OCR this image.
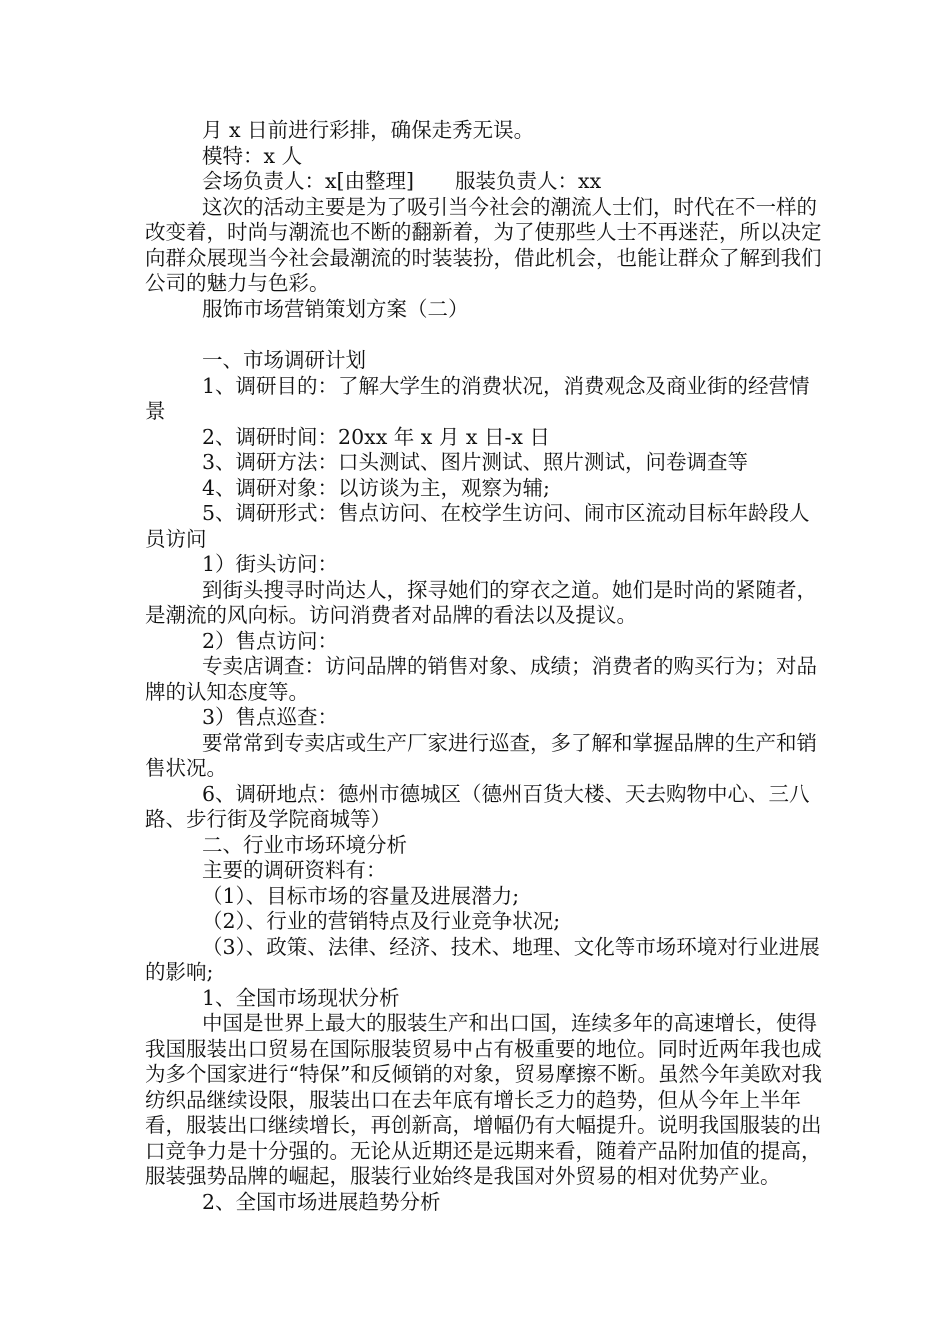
月 x 日前进行彩排，确保走秀无误。

模特：x 人

会场负责人：x[由整理]　　服装负责人：xx

这次的活动主要是为了吸引当今社会的潮流人士们，时代在不一样的改变着，时尚与潮流也不断的翻新着，为了使那些人士不再迷茫，所以决定向群众展现当今社会最潮流的时装装扮，借此机会，也能让群众了解到我们公司的魅力与色彩。

服饰市场营销策划方案（二）

一、市场调研计划

1、调研目的：了解大学生的消费状况，消费观念及商业街的经营情景

2、调研时间：20xx 年 x 月 x 日-x 日

3、调研方法：口头测试、图片测试、照片测试，问卷调查等

4、调研对象：以访谈为主，观察为辅;

5、调研形式：售点访问、在校学生访问、闹市区流动目标年龄段人员访问

1）街头访问：

到街头搜寻时尚达人，探寻她们的穿衣之道。她们是时尚的紧随者，是潮流的风向标。访问消费者对品牌的看法以及提议。

2）售点访问：

专卖店调查：访问品牌的销售对象、成绩；消费者的购买行为；对品牌的认知态度等。

3）售点巡查：

要常常到专卖店或生产厂家进行巡查，多了解和掌握品牌的生产和销售状况。

6、调研地点：德州市德城区（德州百货大楼、天去购物中心、三八路、步行街及学院商城等）

二、行业市场环境分析

主要的调研资料有：

（1）、目标市场的容量及进展潜力;

（2）、行业的营销特点及行业竞争状况;

（3）、政策、法律、经济、技术、地理、文化等市场环境对行业进展的影响;

1、全国市场现状分析

中国是世界上最大的服装生产和出口国，连续多年的高速增长，使得我国服装出口贸易在国际服装贸易中占有极重要的地位。同时近两年我也成为多个国家进行“特保”和反倾销的对象，贸易摩擦不断。虽然今年美欧对我纺织品继续设限，服装出口在去年底有增长乏力的趋势，但从今年上半年看，服装出口继续增长，再创新高，增幅仍有大幅提升。说明我国服装的出口竞争力是十分强的。无论从近期还是远期来看，随着产品附加值的提高，服装强势品牌的崛起，服装行业始终是我国对外贸易的相对优势产业。

2、全国市场进展趋势分析
